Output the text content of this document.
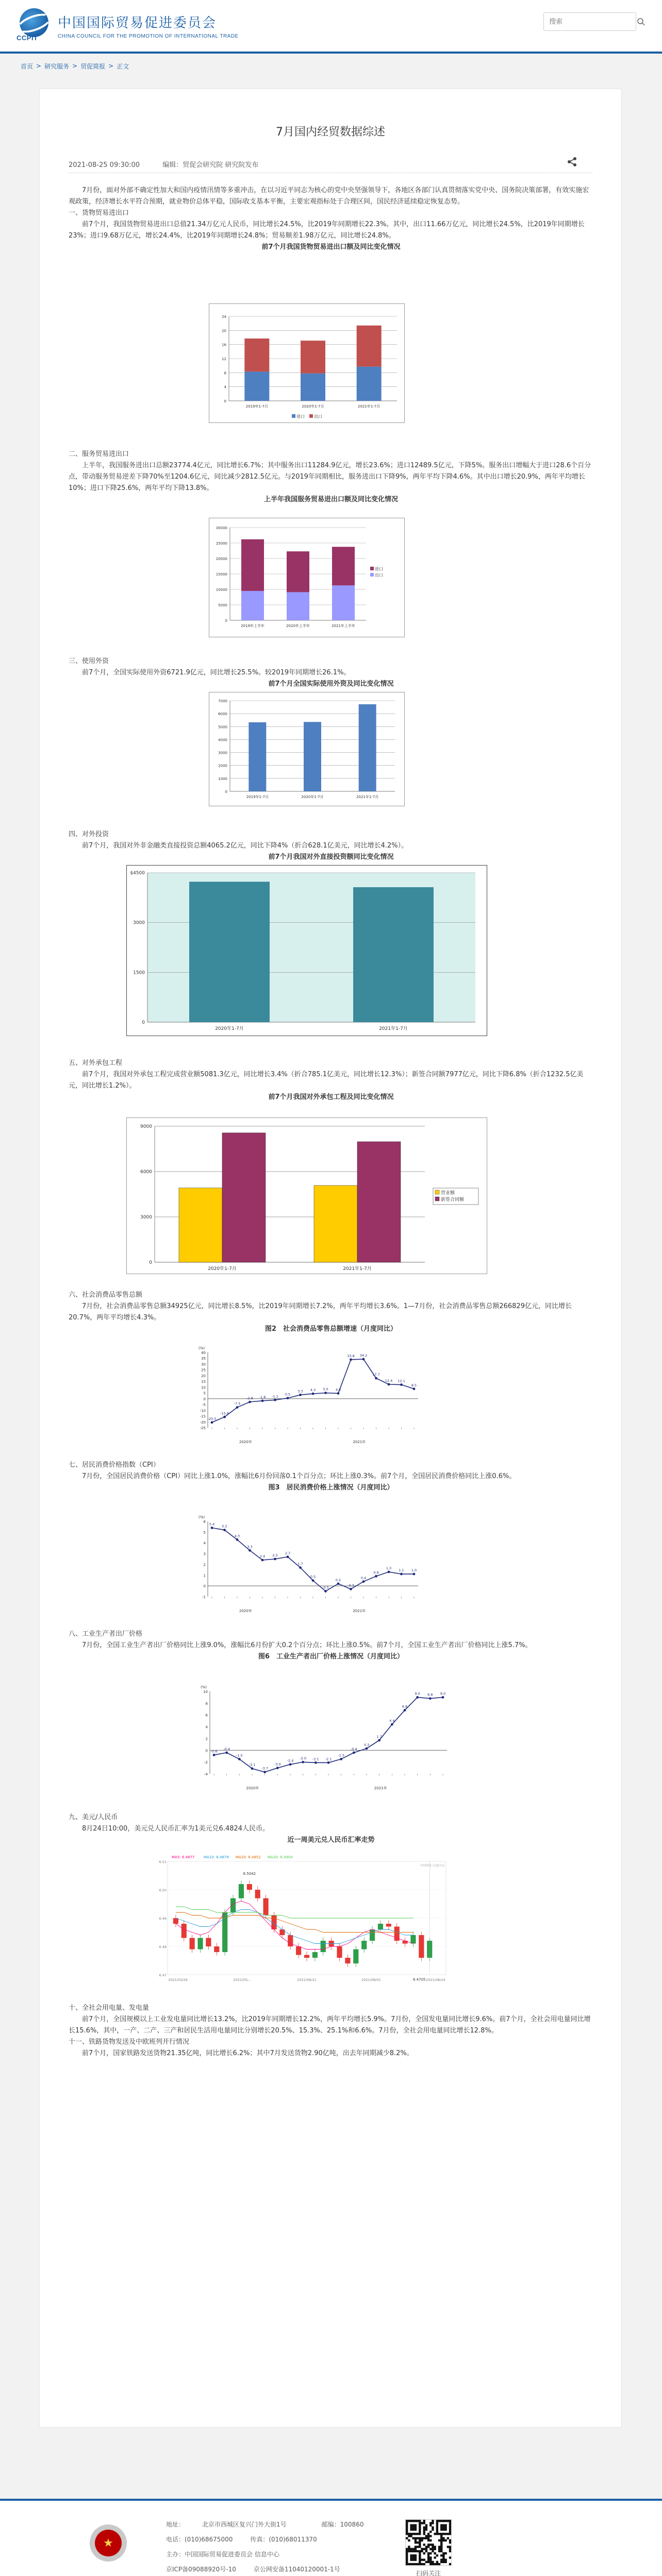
CCPIT
中国国际贸易促进委员会
CHINA COUNCIL FOR THE PROMOTION OF INTERNATIONAL TRADE
搜索
首页 > 研究服务 > 贸促简报 > 正文
7月国内经贸数据综述
2021-08-25 09:30:00	编辑：贸促会研究院 研究院发布

7月份，面对外部不确定性加大和国内疫情汛情等多重冲击，在以习近平同志为核心的党中央坚强领导下，各地区各部门认真贯彻落实党中央、国务院决策部署，有效实施宏观政策，经济增长水平符合预期，就业物价总体平稳，国际收支基本平衡，主要宏观指标处于合理区间，国民经济延续稳定恢复态势。

一、货物贸易进出口

前7个月，我国货物贸易进出口总值21.34万亿元人民币，同比增长24.5%，比2019年同期增长22.3%。其中，出口11.66万亿元，同比增长24.5%，比2019年同期增长23%；进口9.68万亿元，增长24.4%，比2019年同期增长24.8%；贸易顺差1.98万亿元，同比增长24.8%。

前7个月我国货物贸易进出口额及同比变化情况

0
4
8
12
16
20
24
2019年1-7月	2020年1-7月	2021年1-7月
进口 出口

二、服务贸易进出口

上半年，我国服务进出口总额23774.4亿元，同比增长6.7%；其中服务出口11284.9亿元，增长23.6%；进口12489.5亿元，下降5%。服务出口增幅大于进口28.6个百分点，带动服务贸易逆差下降70%至1204.6亿元，同比减少2812.5亿元。与2019年同期相比，服务进出口下降9%，两年平均下降4.6%。其中出口增长20.9%，两年平均增长10%；进口下降25.6%，两年平均下降13.8%。

上半年我国服务贸易进出口额及同比变化情况

0
5000
10000
15000
20000
25000
30000
2019年上半年	2020年上半年	2021年上半年
进口
出口

三、使用外资

前7个月，全国实际使用外资6721.9亿元，同比增长25.5%。较2019年同期增长26.1%。

前7个月全国实际使用外资及同比变化情况

0
1000
2000
3000
4000
5000
6000
7000
2019年1-7月	2020年1-7月	2021年1-7月

四、对外投资

前7个月，我国对外非金融类直接投资总额4065.2亿元，同比下降4%（折合628.1亿美元，同比增长4.2%）。

前7个月我国对外直接投资额同比变化情况

0
1500
3000
$4500
2020年1-7月	2021年1-7月

五、对外承包工程

前7个月，我国对外承包工程完成营业额5081.3亿元，同比增长3.4%（折合785.1亿美元，同比增长12.3%）；新签合同额7977亿元，同比下降6.8%（折合1232.5亿美元，同比增长1.2%）。

前7个月我国对外承包工程及同比变化情况

0
3000
6000
9000
2020年1-7月	2021年1-7月
营业额
新签合同额

六、社会消费品零售总额

7月份，社会消费品零售总额34925亿元，同比增长8.5%，比2019年同期增长7.2%，两年平均增长3.6%。1—7月份，社会消费品零售总额266829亿元，同比增长20.7%，两年平均增长4.3%。

图2　社会消费品零售总额增速（月度同比）

(%)
-25
-20
-15
-10
-5
0
5
10
15
20
25
30
35
40
-20.5
-15.8
-7.5
-2.8 -1.8 -1.1 0.5
3.3 4.3 5.0 4.6
33.8 34.2
17.7
12.4 12.1
8.5
2020年	2021年

七、居民消费价格指数（CPI）

7月份，全国居民消费价格（CPI）同比上涨1.0%，涨幅比6月份回落0.1个百分点；环比上涨0.3%。前7个月，全国居民消费价格同比上涨0.6%。

图3　居民消费价格上涨情况（月度同比）

(%)
-1
0
1
2
3
4
5
6
5.4
5.2
4.3
3.3
2.4 2.5
2.7
1.7
0.5
-0.5
0.2
-0.3
0.4
0.9
1.3
1.1 1.0
2020年	2021年

八、工业生产者出厂价格

7月份，全国工业生产者出厂价格同比上涨9.0%，涨幅比6月份扩大0.2个百分点；环比上涨0.5%。前7个月，全国工业生产者出厂价格同比上涨5.7%。

图6　工业生产者出厂价格上涨情况（月度同比）

(%)
-4
-2
0
2
4
6
8
10
-0.8
-0.4
-1.5
-3.1
-3.7
-3.0
-2.4
-2.0 -2.1 -2.1
-1.5
-0.4
0.3
1.7
4.4
6.8
9.0 8.8 9.0
2020年	2021年

九、美元/人民币

8月24日10:00，美元兑人民币汇率为1美元兑6.4824人民币。

近一周美元兑人民币汇率走势

MA5: 6.4877	MA10: 6.4879 MA20: 6.4852 MA30: 6.4904
6.47
6.48
6.49
6.50
6.51
6.5042
6.4705
2021/03/26	2021/05/...	2021/06/21	2021/08/01	2021/08/24
中国外汇交易中心

十、全社会用电量、发电量

前7个月，全国规模以上工业发电量同比增长13.2%，比2019年同期增长12.2%，两年平均增长5.9%。7月份，全国发电量同比增长9.6%。前7个月，全社会用电量同比增长15.6%，其中，一产、二产、三产和居民生活用电量同比分别增长20.5%、15.3%、25.1%和6.6%。7月份，全社会用电量同比增长12.8%。

十一、铁路货物发送及中欧班列开行情况

前7个月，国家铁路发送货物21.35亿吨，同比增长6.2%；其中7月发送货物2.90亿吨，出去年同期减少8.2%。

★
地址：	北京市西城区复兴门外大街1号	邮编：100860
电话：(010)68675000	传真：(010)68011370
主办：中国国际贸易促进委员会 信息中心
京ICP备09088920号-10	京公网安备11040120001-1号
扫码关注
